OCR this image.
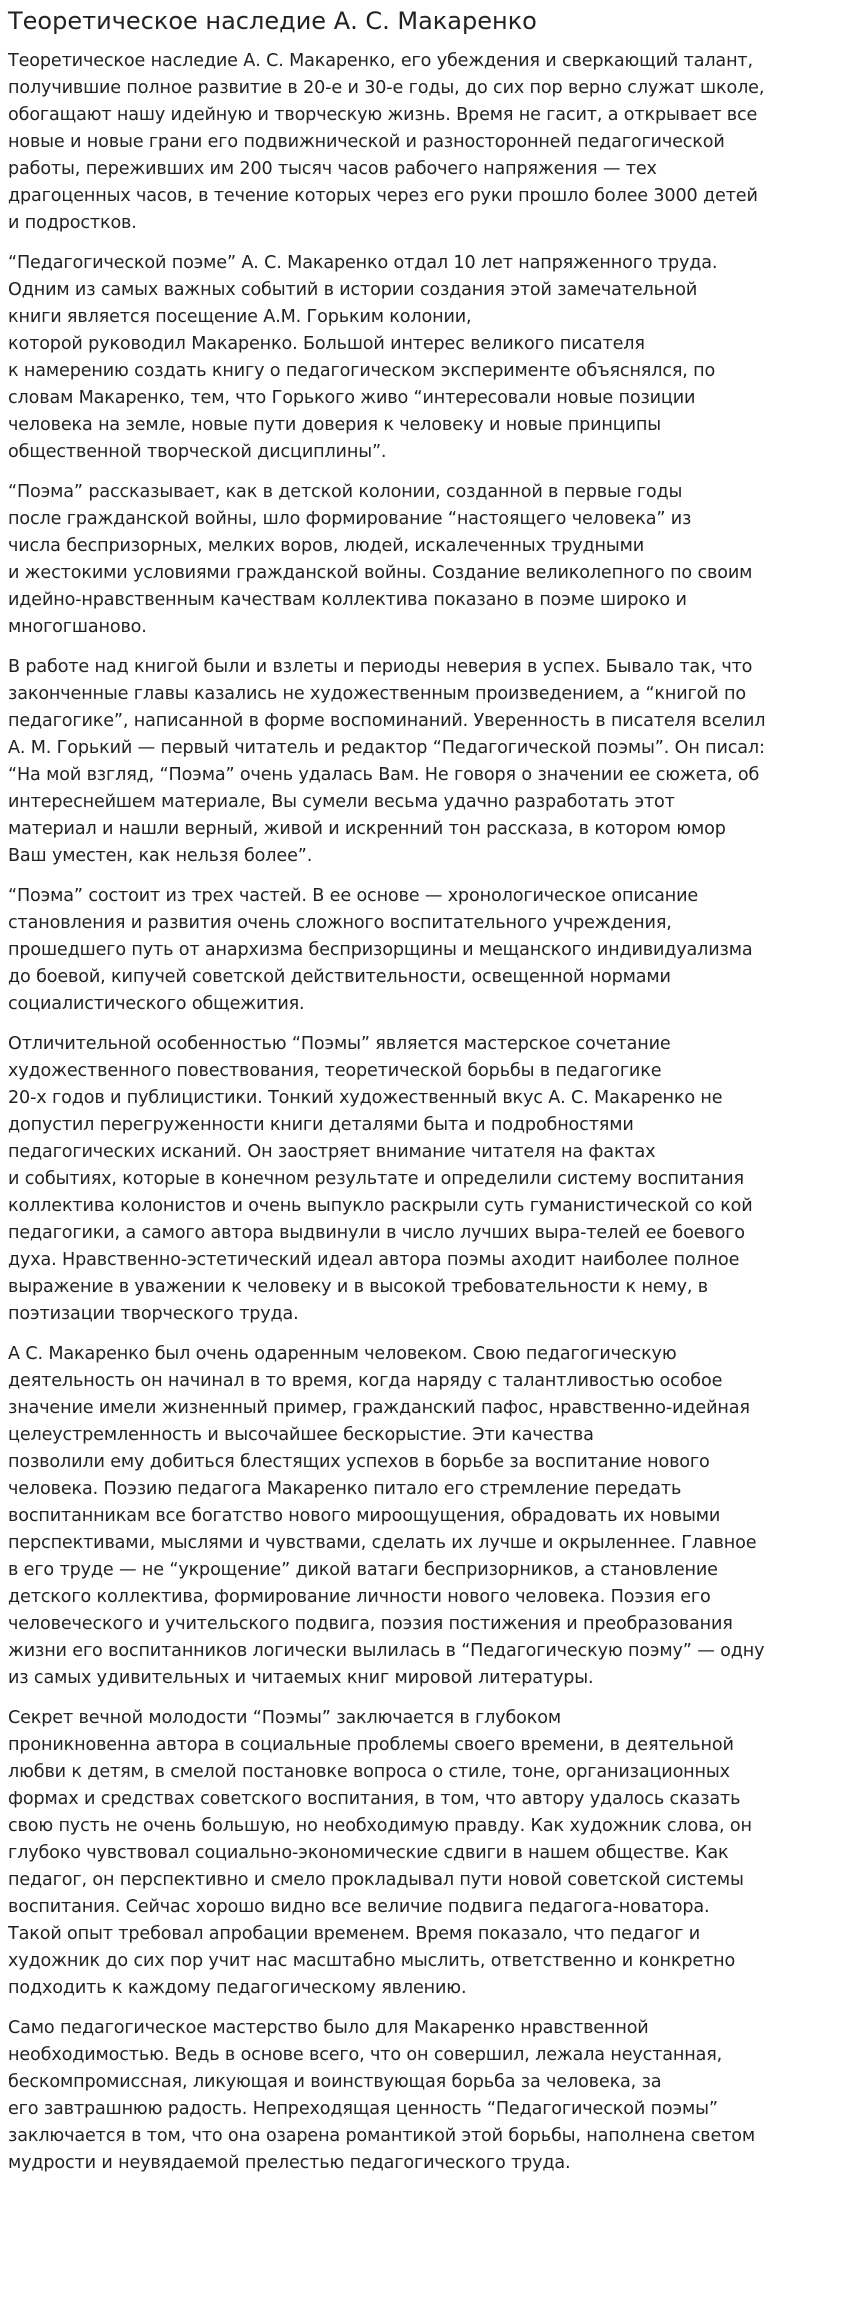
Теоретическое наследие А. С. Макаренко

Теоретическое наследие А. С. Макаренко, его убеждения и сверкающий талант,
получившие полное развитие в 20-е и 30-е годы, до сих пор верно служат школе,
обогащают нашу идейную и творческую жизнь. Время не гасит, а открывает все
новые и новые грани его подвижнической и разносторонней педагогической
работы, переживших им 200 тысяч часов рабочего напряжения — тех
драгоценных часов, в течение которых через его руки прошло более 3000 детей
и подростков.

“Педагогической поэме” А. С. Макаренко отдал 10 лет напряженного труда.
Одним из самых важных событий в истории создания этой замечательной
книги является посещение А.М. Горьким колонии,
которой руководил Макаренко. Большой интерес великого писателя
к намерению создать книгу о педагогическом эксперименте объяснялся, по
словам Макаренко, тем, что Горького живо “интересовали новые позиции
человека на земле, новые пути доверия к человеку и новые принципы
общественной творческой дисциплины”.

“Поэма” рассказывает, как в детской колонии, созданной в первые годы
после гражданской войны, шло формирование “настоящего человека” из
числа беспризорных, мелких воров, людей, искалеченных трудными
и жестокими условиями гражданской войны. Создание великолепного по своим
идейно-нравственным качествам коллектива показано в поэме широко и
многогшаново.

В работе над книгой были и взлеты и периоды неверия в успех. Бывало так, что
законченные главы казались не художественным произведением, а “книгой по
педагогике”, написанной в форме воспоминаний. Уверенность в писателя вселил
А. М. Горький — первый читатель и редактор “Педагогической поэмы”. Он писал:
“На мой взгляд, “Поэма” очень удалась Вам. Не говоря о значении ее сюжета, об
интереснейшем материале, Вы сумели весьма удачно разработать этот
материал и нашли верный, живой и искренний тон рассказа, в котором юмор
Ваш уместен, как нельзя более”.

“Поэма” состоит из трех частей. В ее основе — хронологическое описание
становления и развития очень сложного воспитательного учреждения,
прошедшего путь от анархизма беспризорщины и мещанского индивидуализма
до боевой, кипучей советской действительности, освещенной нормами
социалистического общежития.

Отличительной особенностью “Поэмы” является мастерское сочетание
художественного повествования, теоретической борьбы в педагогике
20-х годов и публицистики. Тонкий художественный вкус А. С. Макаренко не
допустил перегруженности книги деталями быта и подробностями
педагогических исканий. Он заостряет внимание читателя на фактах
и событиях, которые в конечном результате и определили систему воспитания
коллектива колонистов и очень выпукло раскрыли суть гуманистической со кой
педагогики, а самого автора выдвинули в число лучших выра-телей ее боевого
духа. Нравственно-эстетический идеал автора поэмы аходит наиболее полное
выражение в уважении к человеку и в высокой требовательности к нему, в
поэтизации творческого труда.

А С. Макаренко был очень одаренным человеком. Свою педагогическую
деятельность он начинал в то время, когда наряду с талантливостью особое
значение имели жизненный пример, гражданский пафос, нравственно-идейная
целеустремленность и высочайшее бескорыстие. Эти качества
позволили ему добиться блестящих успехов в борьбе за воспитание нового
человека. Поэзию педагога Макаренко питало его стремление передать
воспитанникам все богатство нового мироощущения, обрадовать их новыми
перспективами, мыслями и чувствами, сделать их лучше и окрыленнее. Главное
в его труде — не “укрощение” дикой ватаги беспризорников, а становление
детского коллектива, формирование личности нового человека. Поэзия его
человеческого и учительского подвига, поэзия постижения и преобразования
жизни его воспитанников логически вылилась в “Педагогическую поэму” — одну
из самых удивительных и читаемых книг мировой литературы.

Секрет вечной молодости “Поэмы” заключается в глубоком
проникновенна автора в социальные проблемы своего времени, в деятельной
любви к детям, в смелой постановке вопроса о стиле, тоне, организационных
формах и средствах советского воспитания, в том, что автору удалось сказать
свою пусть не очень большую, но необходимую правду. Как художник слова, он
глубоко чувствовал социально-экономические сдвиги в нашем обществе. Как
педагог, он перспективно и смело прокладывал пути новой советской системы
воспитания. Сейчас хорошо видно все величие подвига педагога-новатора.
Такой опыт требовал апробации временем. Время показало, что педагог и
художник до сих пор учит нас масштабно мыслить, ответственно и конкретно
подходить к каждому педагогическому явлению.

Само педагогическое мастерство было для Макаренко нравственной
необходимостью. Ведь в основе всего, что он совершил, лежала неустанная,
бескомпромиссная, ликующая и воинствующая борьба за человека, за
его завтрашнюю радость. Непреходящая ценность “Педагогической поэмы”
заключается в том, что она озарена романтикой этой борьбы, наполнена светом
мудрости и неувядаемой прелестью педагогического труда.
